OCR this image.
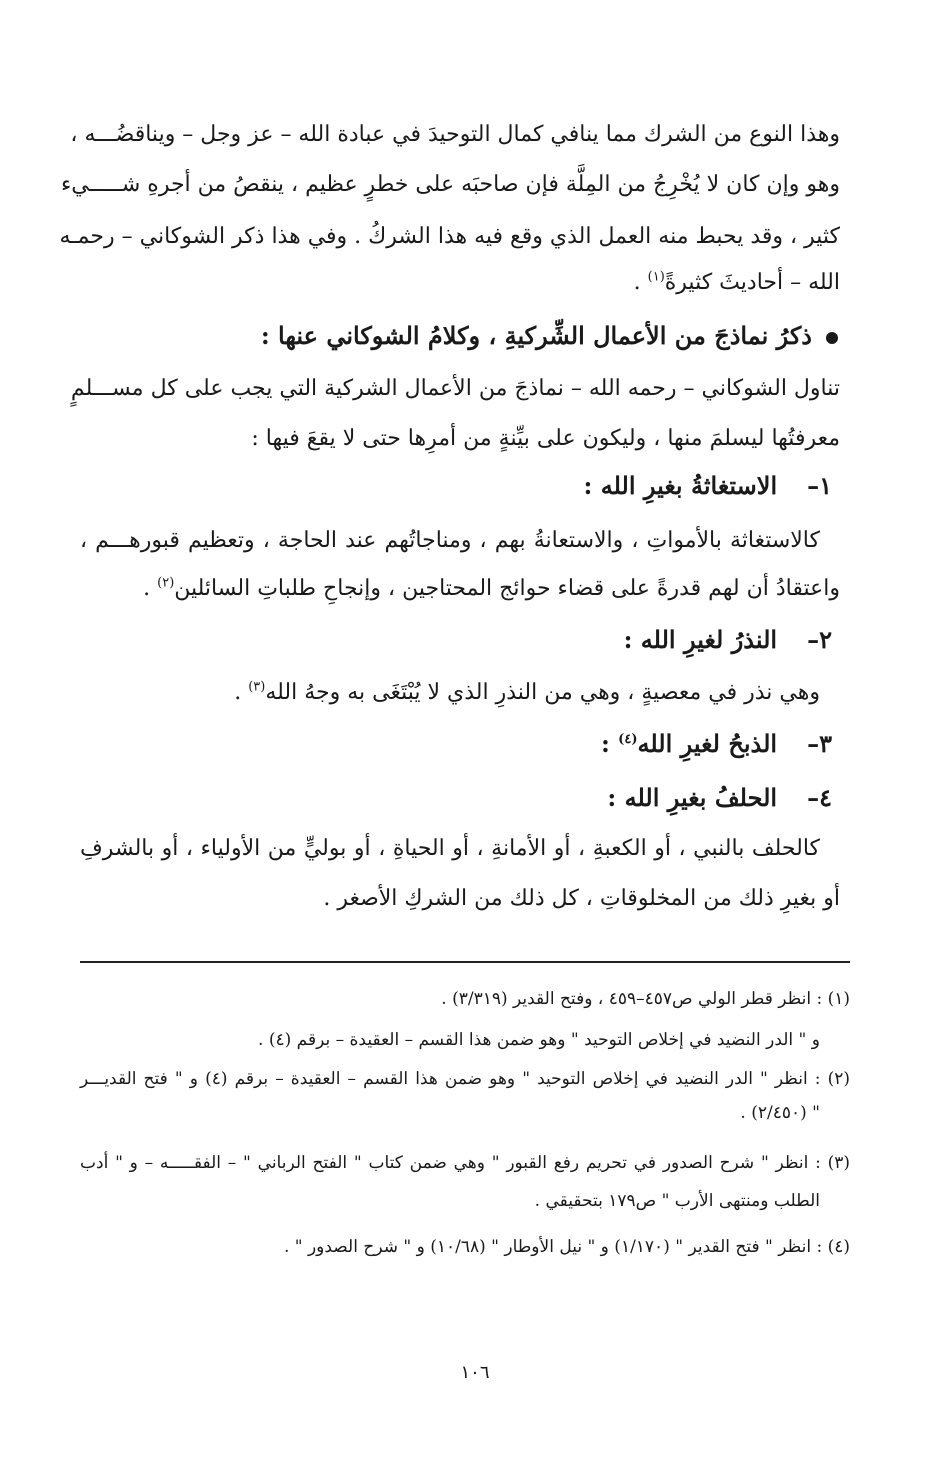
وهذا النوع من الشرك مما ينافي كمال التوحيدَ في عبادة الله – عز وجل – ويناقضُـــه ،
وهو وإن كان لا يُخْرِجُ من المِلَّة فإن صاحبَه على خطرٍ عظيم ، ينقصُ من أجرهِ شـــــيء
كثير ، وقد يحبط منه العمل الذي وقع فيه هذا الشركُ . وفي هذا ذكر الشوكاني – رحمـه
الله – أحاديثَ كثيرةً$^{(١)}$ .
ذكرُ نماذجَ من الأعمال الشِّركيةِ ، وكلامُ الشوكاني عنها :
تناول الشوكاني – رحمه الله – نماذجَ من الأعمال الشركية التي يجب على كل مســـلمٍ
معرفتُها ليسلمَ منها ، وليكون على بيِّنةٍ من أمرِها حتى لا يقعَ فيها :
١–الاستغاثةُ بغيرِ الله :
كالاستغاثة بالأمواتِ ، والاستعانةُ بهم ، ومناجاتُهم عند الحاجة ، وتعظيم قبورهـــم ،
واعتقادُ أن لهم قدرةً على قضاء حوائج المحتاجين ، وإنجاحِ طلباتِ السائلين$^{(٢)}$ .
٢–النذرُ لغيرِ الله :
وهي نذر في معصيةٍ ، وهي من النذرِ الذي لا يُبْتَغَى به وجهُ الله$^{(٣)}$ .
٣–الذبحُ لغيرِ الله$^{(٤)}$ :
٤–الحلفُ بغيرِ الله :
كالحلف بالنبي ، أو الكعبةِ ، أو الأمانةِ ، أو الحياةِ ، أو بوليٍّ من الأولياء ، أو بالشرفِ
أو بغيرِ ذلك من المخلوقاتِ ، كل ذلك من الشركِ الأصغر .
(١) : انظر قطر الولي ص٤٥٧–٤٥٩ ، وفتح القدير (٣/٣١٩) .
و " الدر النضيد في إخلاص التوحيد " وهو ضمن هذا القسم – العقيدة – برقم (٤) .
(٢) : انظر " الدر النضيد في إخلاص التوحيد " وهو ضمن هذا القسم – العقيدة – برقم (٤) و " فتح القديـــر
" (٢/٤٥٠) .
(٣) : انظر " شرح الصدور في تحريم رفع القبور " وهي ضمن كتاب " الفتح الرباني " – الفقـــــه – و " أدب
الطلب ومنتهى الأرب " ص١٧٩ بتحقيقي .
(٤) : انظر " فتح القدير " (١/١٧٠) و " نيل الأوطار " (١٠/٦٨) و " شرح الصدور " .
١٠٦
